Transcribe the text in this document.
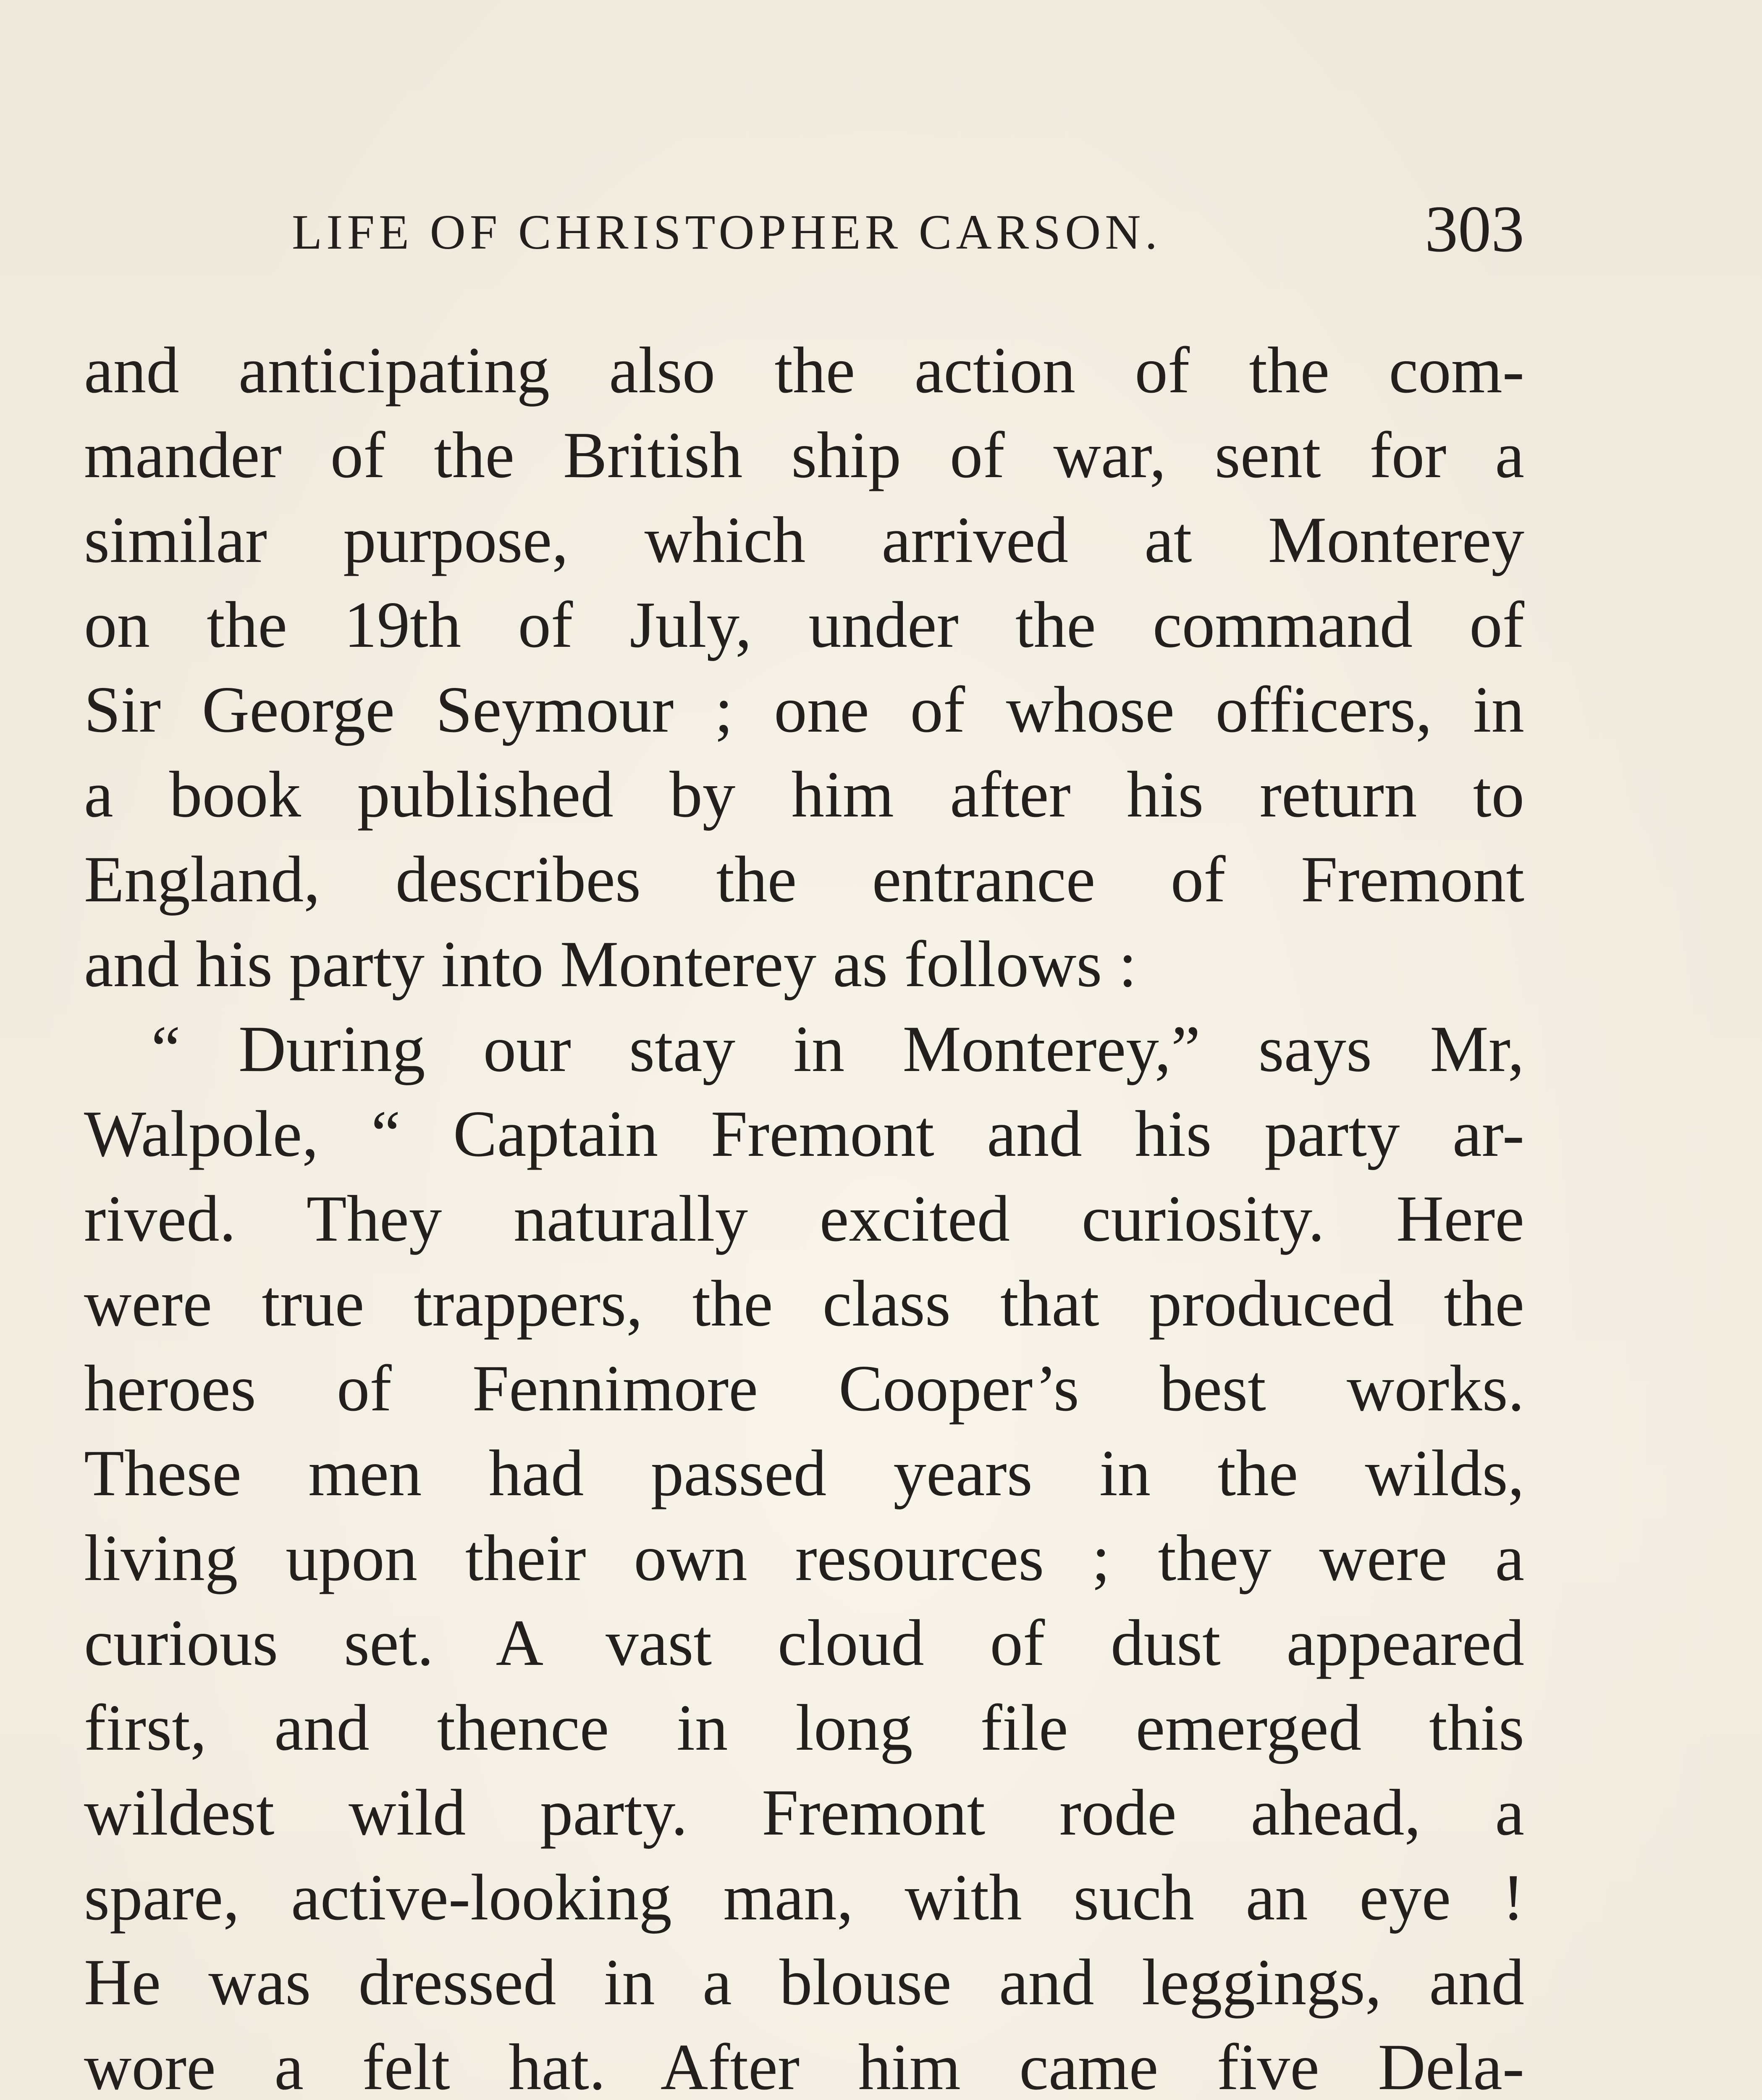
LIFE OF CHRISTOPHER CARSON.	303
and anticipating also the action of the com-
mander of the British ship of war, sent for a
similar purpose, which arrived at Monterey
on the 19th of July, under the command of
Sir George Seymour ; one of whose officers, in
a book published by him after his return to
England, describes the entrance of Fremont
and his party into Monterey as follows :
“ During our stay in Monterey,” says Mr,
Walpole, “ Captain Fremont and his party ar-
rived. They naturally excited curiosity. Here
were true trappers, the class that produced the
heroes of Fennimore Cooper’s best works.
These men had passed years in the wilds,
living upon their own resources ; they were a
curious set. A vast cloud of dust appeared
first, and thence in long file emerged this
wildest wild party. Fremont rode ahead, a
spare, active-looking man, with such an eye !
He was dressed in a blouse and leggings, and
wore a felt hat. After him came five Dela-
